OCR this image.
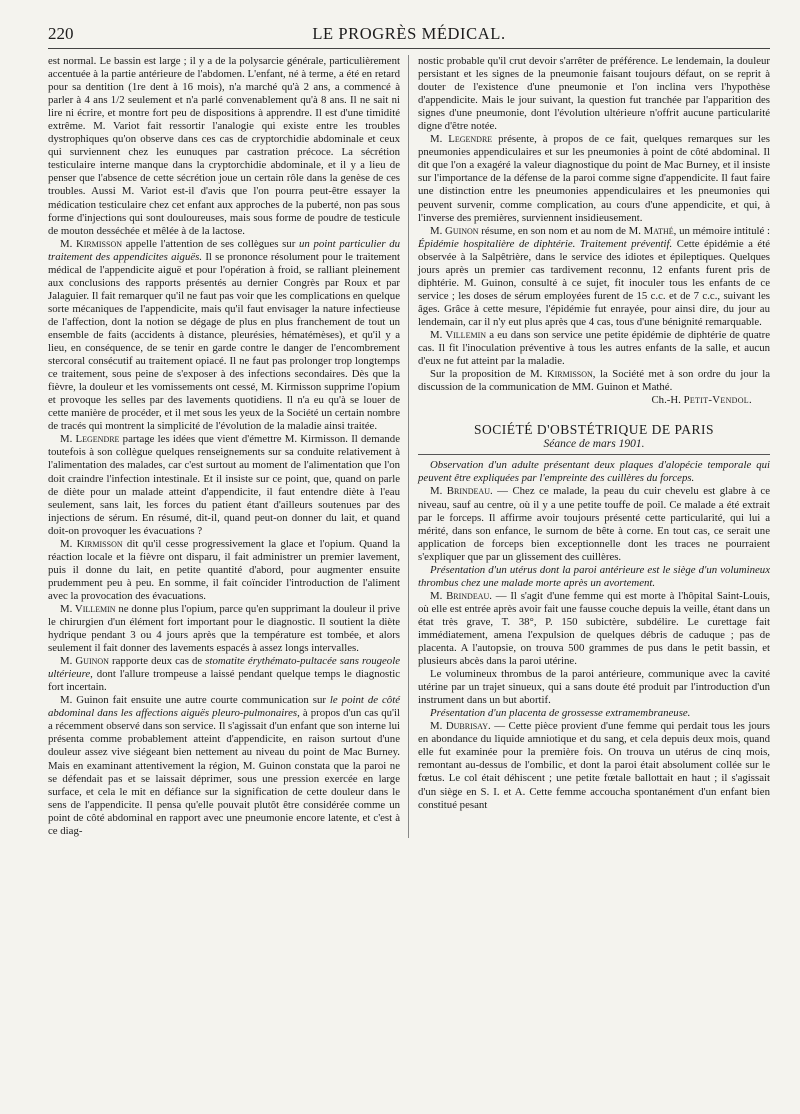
220	LE PROGRÈS MÉDICAL.

est normal. Le bassin est large ; il y a de la polysarcie générale, particulièrement accentuée à la partie antérieure de l'abdomen. L'enfant, né à terme, a été en retard pour sa dentition (1re dent à 16 mois), n'a marché qu'à 2 ans, a commencé à parler à 4 ans 1/2 seulement et n'a parlé convenablement qu'à 8 ans. Il ne sait ni lire ni écrire, et montre fort peu de dispositions à apprendre. Il est d'une timidité extrême. M. Variot fait ressortir l'analogie qui existe entre les troubles dystrophiques qu'on observe dans ces cas de cryptorchidie abdominale et ceux qui surviennent chez les eunuques par castration précoce. La sécrétion testiculaire interne manque dans la cryptorchidie abdominale, et il y a lieu de penser que l'absence de cette sécrétion joue un certain rôle dans la genèse de ces troubles. Aussi M. Variot est-il d'avis que l'on pourra peut-être essayer la médication testiculaire chez cet enfant aux approches de la puberté, non pas sous forme d'injections qui sont douloureuses, mais sous forme de poudre de testicule de mouton desséchée et mêlée à de la lactose.

M. Kirmisson appelle l'attention de ses collègues sur un point particulier du traitement des appendicites aiguës. Il se prononce résolument pour le traitement médical de l'appendicite aiguë et pour l'opération à froid, se ralliant pleinement aux conclusions des rapports présentés au dernier Congrès par Roux et par Jalaguier. Il fait remarquer qu'il ne faut pas voir que les complications en quelque sorte mécaniques de l'appendicite, mais qu'il faut envisager la nature infectieuse de l'affection, dont la notion se dégage de plus en plus franchement de tout un ensemble de faits (accidents à distance, pleurésies, hématémèses), et qu'il y a lieu, en conséquence, de se tenir en garde contre le danger de l'encombrement stercoral consécutif au traitement opiacé. Il ne faut pas prolonger trop longtemps ce traitement, sous peine de s'exposer à des infections secondaires. Dès que la fièvre, la douleur et les vomissements ont cessé, M. Kirmisson supprime l'opium et provoque les selles par des lavements quotidiens. Il n'a eu qu'à se louer de cette manière de procéder, et il met sous les yeux de la Société un certain nombre de tracés qui montrent la simplicité de l'évolution de la maladie ainsi traitée.

M. Legendre partage les idées que vient d'émettre M. Kirmisson. Il demande toutefois à son collègue quelques renseignements sur sa conduite relativement à l'alimentation des malades, car c'est surtout au moment de l'alimentation que l'on doit craindre l'infection intestinale. Et il insiste sur ce point, que, quand on parle de diète pour un malade atteint d'appendicite, il faut entendre diète à l'eau seulement, sans lait, les forces du patient étant d'ailleurs soutenues par des injections de sérum. En résumé, dit-il, quand peut-on donner du lait, et quand doit-on provoquer les évacuations ?

M. Kirmisson dit qu'il cesse progressivement la glace et l'opium. Quand la réaction locale et la fièvre ont disparu, il fait administrer un premier lavement, puis il donne du lait, en petite quantité d'abord, pour augmenter ensuite prudemment peu à peu. En somme, il fait coïncider l'introduction de l'aliment avec la provocation des évacuations.

M. Villemin ne donne plus l'opium, parce qu'en supprimant la douleur il prive le chirurgien d'un élément fort important pour le diagnostic. Il soutient la diète hydrique pendant 3 ou 4 jours après que la température est tombée, et alors seulement il fait donner des lavements espacés à assez longs intervalles.

M. Guinon rapporte deux cas de stomatite érythémato-pultacée sans rougeole ultérieure, dont l'allure trompeuse a laissé pendant quelque temps le diagnostic fort incertain.

M. Guinon fait ensuite une autre courte communication sur le point de côté abdominal dans les affections aiguës pleuro-pulmonaires, à propos d'un cas qu'il a récemment observé dans son service. Il s'agissait d'un enfant que son interne lui présenta comme probablement atteint d'appendicite, en raison surtout d'une douleur assez vive siégeant bien nettement au niveau du point de Mac Burney. Mais en examinant attentivement la région, M. Guinon constata que la paroi ne se défendait pas et se laissait déprimer, sous une pression exercée en large surface, et cela le mit en défiance sur la signification de cette douleur dans le sens de l'appendicite. Il pensa qu'elle pouvait plutôt être considérée comme un point de côté abdominal en rapport avec une pneumonie encore latente, et c'est à ce diag-

nostic probable qu'il crut devoir s'arrêter de préférence. Le lendemain, la douleur persistant et les signes de la pneumonie faisant toujours défaut, on se reprit à douter de l'existence d'une pneumonie et l'on inclina vers l'hypothèse d'appendicite. Mais le jour suivant, la question fut tranchée par l'apparition des signes d'une pneumonie, dont l'évolution ultérieure n'offrit aucune particularité digne d'être notée.

M. Legendre présente, à propos de ce fait, quelques remarques sur les pneumonies appendiculaires et sur les pneumonies à point de côté abdominal. Il dit que l'on a exagéré la valeur diagnostique du point de Mac Burney, et il insiste sur l'importance de la défense de la paroi comme signe d'appendicite. Il faut faire une distinction entre les pneumonies appendiculaires et les pneumonies qui peuvent survenir, comme complication, au cours d'une appendicite, et qui, à l'inverse des premières, surviennent insidieusement.

M. Guinon résume, en son nom et au nom de M. Mathé, un mémoire intitulé : Épidémie hospitalière de diphtérie. Traitement préventif. Cette épidémie a été observée à la Salpêtrière, dans le service des idiotes et épileptiques. Quelques jours après un premier cas tardivement reconnu, 12 enfants furent pris de diphtérie. M. Guinon, consulté à ce sujet, fit inoculer tous les enfants de ce service ; les doses de sérum employées furent de 15 c.c. et de 7 c.c., suivant les âges. Grâce à cette mesure, l'épidémie fut enrayée, pour ainsi dire, du jour au lendemain, car il n'y eut plus après que 4 cas, tous d'une bénignité remarquable.

M. Villemin a eu dans son service une petite épidémie de diphtérie de quatre cas. Il fit l'inoculation préventive à tous les autres enfants de la salle, et aucun d'eux ne fut atteint par la maladie.

Sur la proposition de M. Kirmisson, la Société met à son ordre du jour la discussion de la communication de MM. Guinon et Mathé.

Ch.-H. Petit-Vendol.

SOCIÉTÉ D'OBSTÉTRIQUE DE PARIS
Séance de mars 1901.

Observation d'un adulte présentant deux plaques d'alopécie temporale qui peuvent être expliquées par l'empreinte des cuillères du forceps.

M. Brindeau. — Chez ce malade, la peau du cuir chevelu est glabre à ce niveau, sauf au centre, où il y a une petite touffe de poil. Ce malade a été extrait par le forceps. Il affirme avoir toujours présenté cette particularité, qui lui a mérité, dans son enfance, le surnom de bête à corne. En tout cas, ce serait une application de forceps bien exceptionnelle dont les traces ne pourraient s'expliquer que par un glissement des cuillères.

Présentation d'un utérus dont la paroi antérieure est le siège d'un volumineux thrombus chez une malade morte après un avortement.

M. Brindeau. — Il s'agit d'une femme qui est morte à l'hôpital Saint-Louis, où elle est entrée après avoir fait une fausse couche depuis la veille, étant dans un état très grave, T. 38°, P. 150 subictère, subdélire. Le curettage fait immédiatement, amena l'expulsion de quelques débris de caduque ; pas de placenta. A l'autopsie, on trouva 500 grammes de pus dans le petit bassin, et plusieurs abcès dans la paroi utérine.

Le volumineux thrombus de la paroi antérieure, communique avec la cavité utérine par un trajet sinueux, qui a sans doute été produit par l'introduction d'un instrument dans un but abortif.

Présentation d'un placenta de grossesse extramembraneuse.

M. Dubrisay. — Cette pièce provient d'une femme qui perdait tous les jours en abondance du liquide amniotique et du sang, et cela depuis deux mois, quand elle fut examinée pour la première fois. On trouva un utérus de cinq mois, remontant au-dessus de l'ombilic, et dont la paroi était absolument collée sur le fœtus. Le col était déhiscent ; une petite fœtale ballottait en haut ; il s'agissait d'un siège en S. I. et A. Cette femme accoucha spontanément d'un enfant bien constitué pesant
